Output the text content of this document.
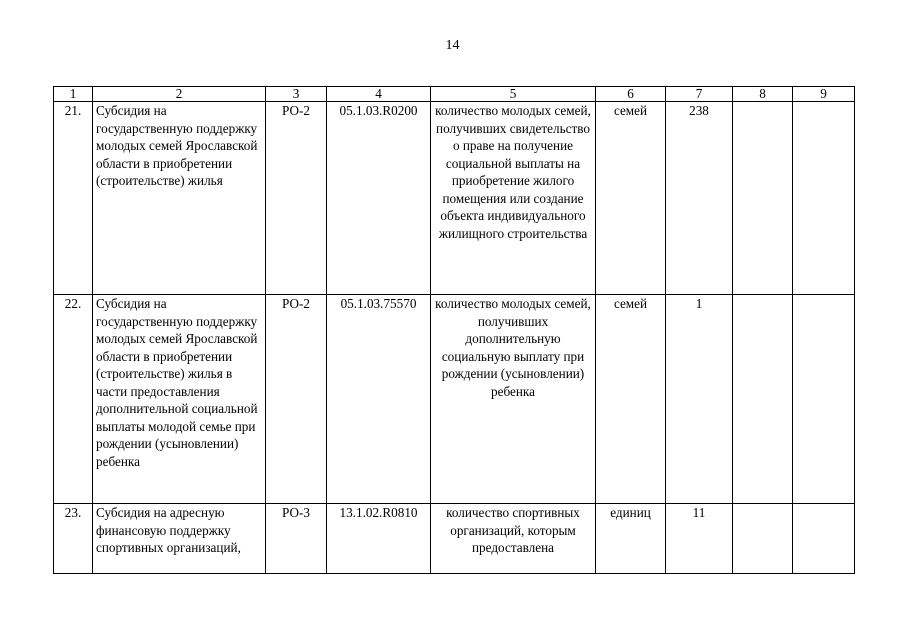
14
1	2	3	4	5	6	7	8	9
21.	Субсидия на государственную поддержку молодых семей Ярославской области в приобретении (строительстве) жилья	РО-2	05.1.03.R0200	количество молодых семей, получивших свидетельство о праве на получение социальной выплаты на приобретение жилого помещения или создание объекта индивидуального жилищного строительства	семей	238		
22.	Субсидия на государственную поддержку молодых семей Ярославской области в приобретении (строительстве) жилья в части предоставления дополнительной социальной выплаты молодой семье при рождении (усыновлении) ребенка	РО-2	05.1.03.75570	количество молодых семей, получивших дополнительную социальную выплату при рождении (усыновлении) ребенка	семей	1		
23.	Субсидия на адресную финансовую поддержку спортивных организаций,	РО-3	13.1.02.R0810	количество спортивных организаций, которым предоставлена	единиц	11		
